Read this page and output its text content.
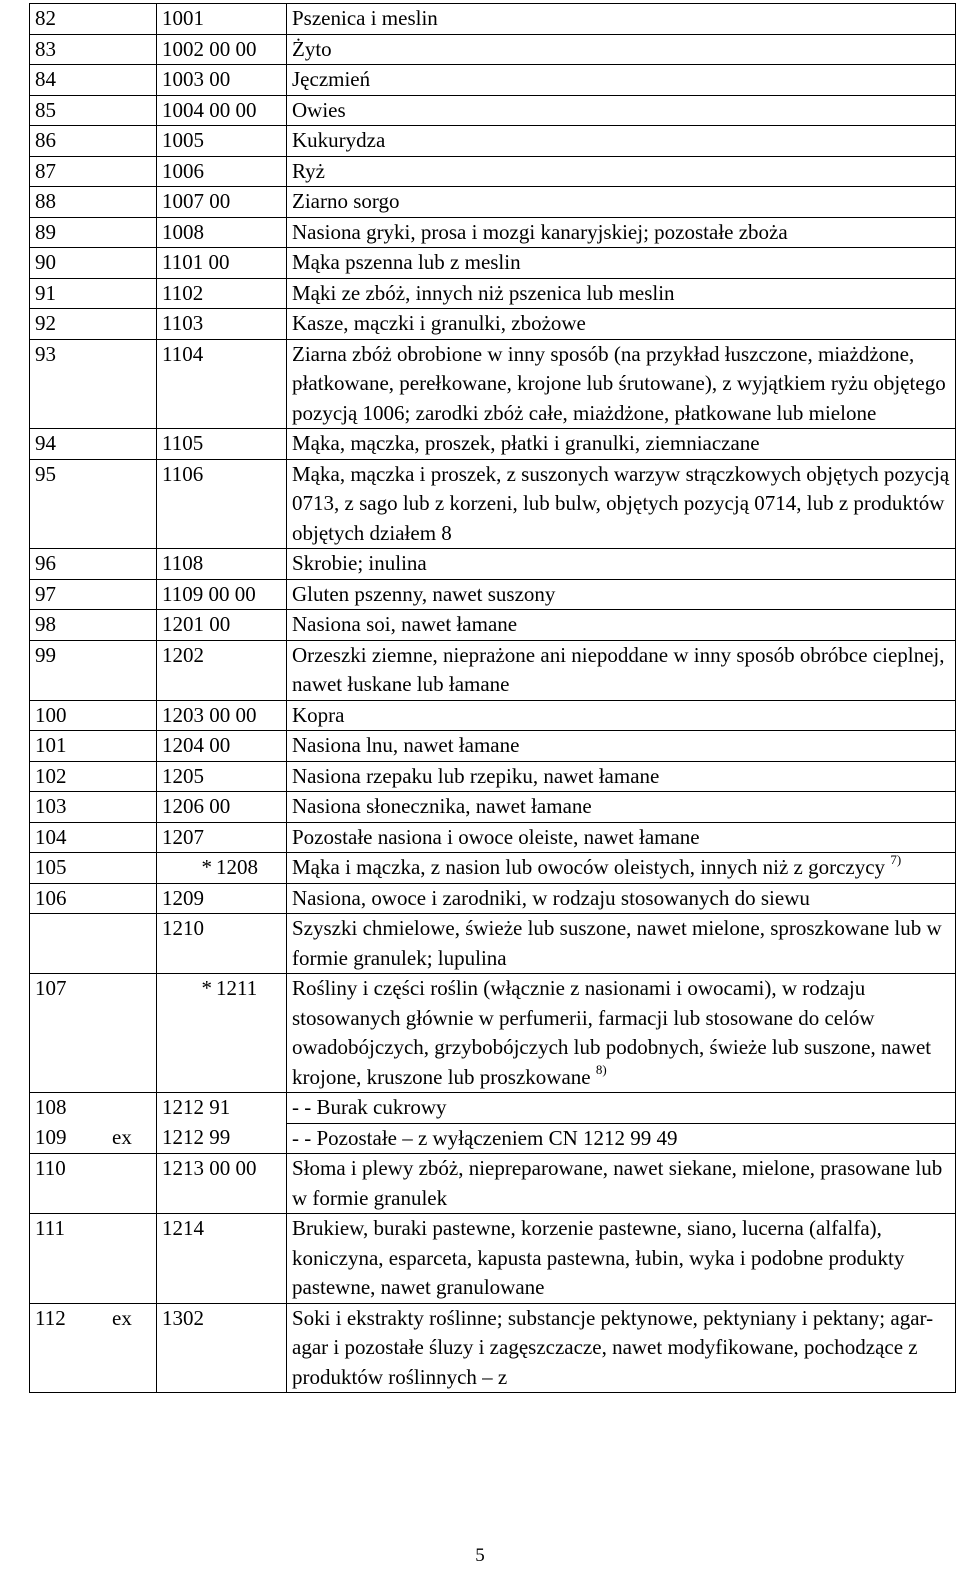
82	1001	Pszenica i meslin
83	1002 00 00	Żyto
84	1003 00	Jęczmień
85	1004 00 00	Owies
86	1005	Kukurydza
87	1006	Ryż
88	1007 00	Ziarno sorgo
89	1008	Nasiona gryki, prosa i mozgi kanaryjskiej; pozostałe zboża
90	1101 00	Mąka pszenna lub z meslin
91	1102	Mąki ze zbóż, innych niż pszenica lub meslin
92	1103	Kasze, mączki i granulki, zbożowe
93	1104	Ziarna zbóż obrobione w inny sposób (na przykład łuszczone, miażdżone, płatkowane, perełkowane, krojone lub śrutowane), z wyjątkiem ryżu objętego pozycją 1006; zarodki zbóż całe, miażdżone, płatkowane lub mielone
94	1105	Mąka, mączka, proszek, płatki i granulki, ziemniaczane
95	1106	Mąka, mączka i proszek, z suszonych warzyw strączkowych objętych pozycją 0713, z sago lub z korzeni, lub bulw, objętych pozycją 0714, lub z produktów objętych działem 8
96	1108	Skrobie; inulina
97	1109 00 00	Gluten pszenny, nawet suszony
98	1201 00	Nasiona soi, nawet łamane
99	1202	Orzeszki ziemne, nieprażone ani niepoddane w inny sposób obróbce cieplnej, nawet łuskane lub łamane
100	1203 00 00	Kopra
101	1204 00	Nasiona lnu, nawet łamane
102	1205	Nasiona rzepaku lub rzepiku, nawet łamane
103	1206 00	Nasiona słonecznika, nawet łamane
104	1207	Pozostałe nasiona i owoce oleiste, nawet łamane
105	* 1208	Mąka i mączka, z nasion lub owoców oleistych, innych niż z gorczycy $^{7)}$
106	1209	Nasiona, owoce i zarodniki, w rodzaju stosowanych do siewu
	1210	Szyszki chmielowe, świeże lub suszone, nawet mielone, sproszkowane lub w formie granulek; lupulina
107	* 1211	Rośliny i części roślin (włącznie z nasionami i owocami), w rodzaju stosowanych głównie w perfumerii, farmacji lub stosowane do celów owadobójczych, grzybobójczych lub podobnych, świeże lub suszone, nawet krojone, kruszone lub proszkowane $^{8)}$
108	1212 91	- - Burak cukrowy
109	ex 1212 99	- - Pozostałe – z wyłączeniem CN 1212 99 49
110	1213 00 00	Słoma i plewy zbóż, niepreparowane, nawet siekane, mielone, prasowane lub w formie granulek
111	1214	Brukiew, buraki pastewne, korzenie pastewne, siano, lucerna (alfalfa), koniczyna, esparceta, kapusta pastewna, łubin, wyka i podobne produkty pastewne, nawet granulowane
112	ex 1302	Soki i ekstrakty roślinne; substancje pektynowe, pektyniany i pektany; agar-agar i pozostałe śluzy i zagęszczacze, nawet modyfikowane, pochodzące z produktów roślinnych – z
5
